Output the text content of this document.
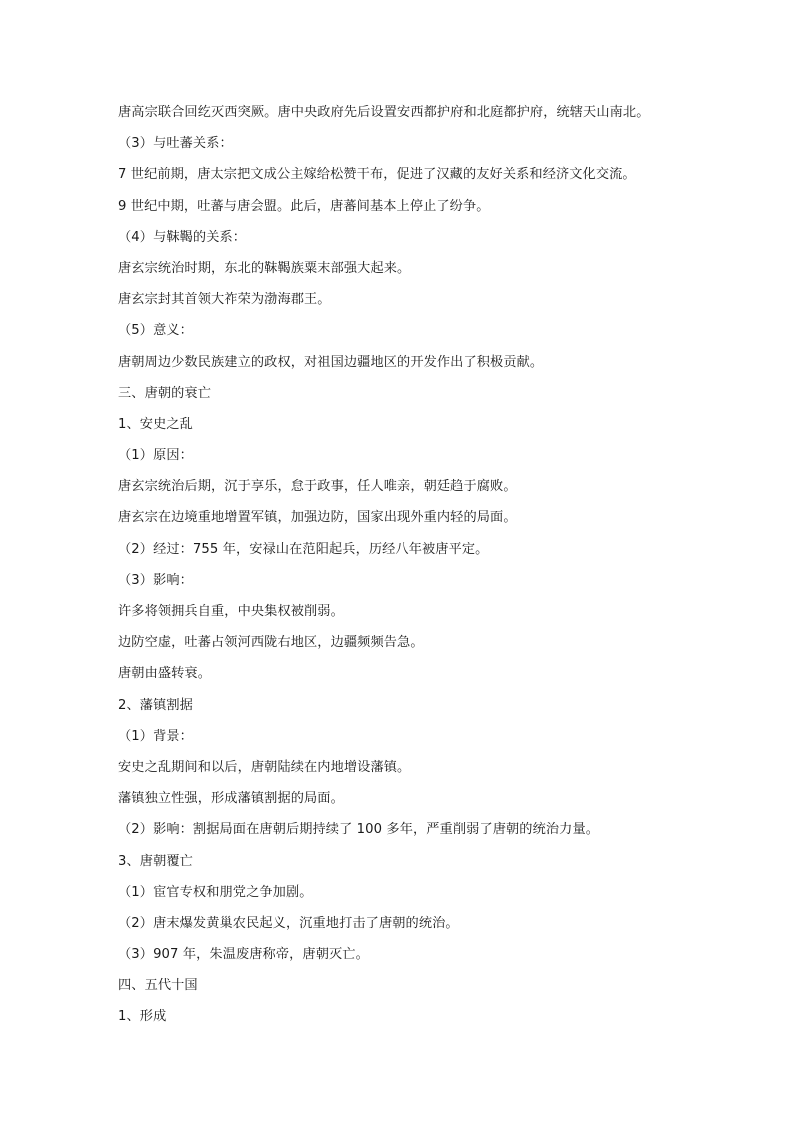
唐高宗联合回纥灭西突厥。唐中央政府先后设置安西都护府和北庭都护府，统辖天山南北。
（3）与吐蕃关系：
7 世纪前期，唐太宗把文成公主嫁给松赞干布，促进了汉藏的友好关系和经济文化交流。
9 世纪中期，吐蕃与唐会盟。此后，唐蕃间基本上停止了纷争。
（4）与靺鞨的关系：
唐玄宗统治时期，东北的靺鞨族粟末部强大起来。
唐玄宗封其首领大祚荣为渤海郡王。
（5）意义：
唐朝周边少数民族建立的政权，对祖国边疆地区的开发作出了积极贡献。
三、唐朝的衰亡
1、安史之乱
（1）原因：
唐玄宗统治后期，沉于享乐，怠于政事，任人唯亲，朝廷趋于腐败。
唐玄宗在边境重地增置军镇，加强边防，国家出现外重内轻的局面。
（2）经过：755 年，安禄山在范阳起兵，历经八年被唐平定。
（3）影响：
许多将领拥兵自重，中央集权被削弱。
边防空虚，吐蕃占领河西陇右地区，边疆频频告急。
唐朝由盛转衰。
2、藩镇割据
（1）背景：
安史之乱期间和以后，唐朝陆续在内地增设藩镇。
藩镇独立性强，形成藩镇割据的局面。
（2）影响：割据局面在唐朝后期持续了 100 多年，严重削弱了唐朝的统治力量。
3、唐朝覆亡
（1）宦官专权和朋党之争加剧。
（2）唐末爆发黄巢农民起义，沉重地打击了唐朝的统治。
（3）907 年，朱温废唐称帝，唐朝灭亡。
四、五代十国
1、形成
